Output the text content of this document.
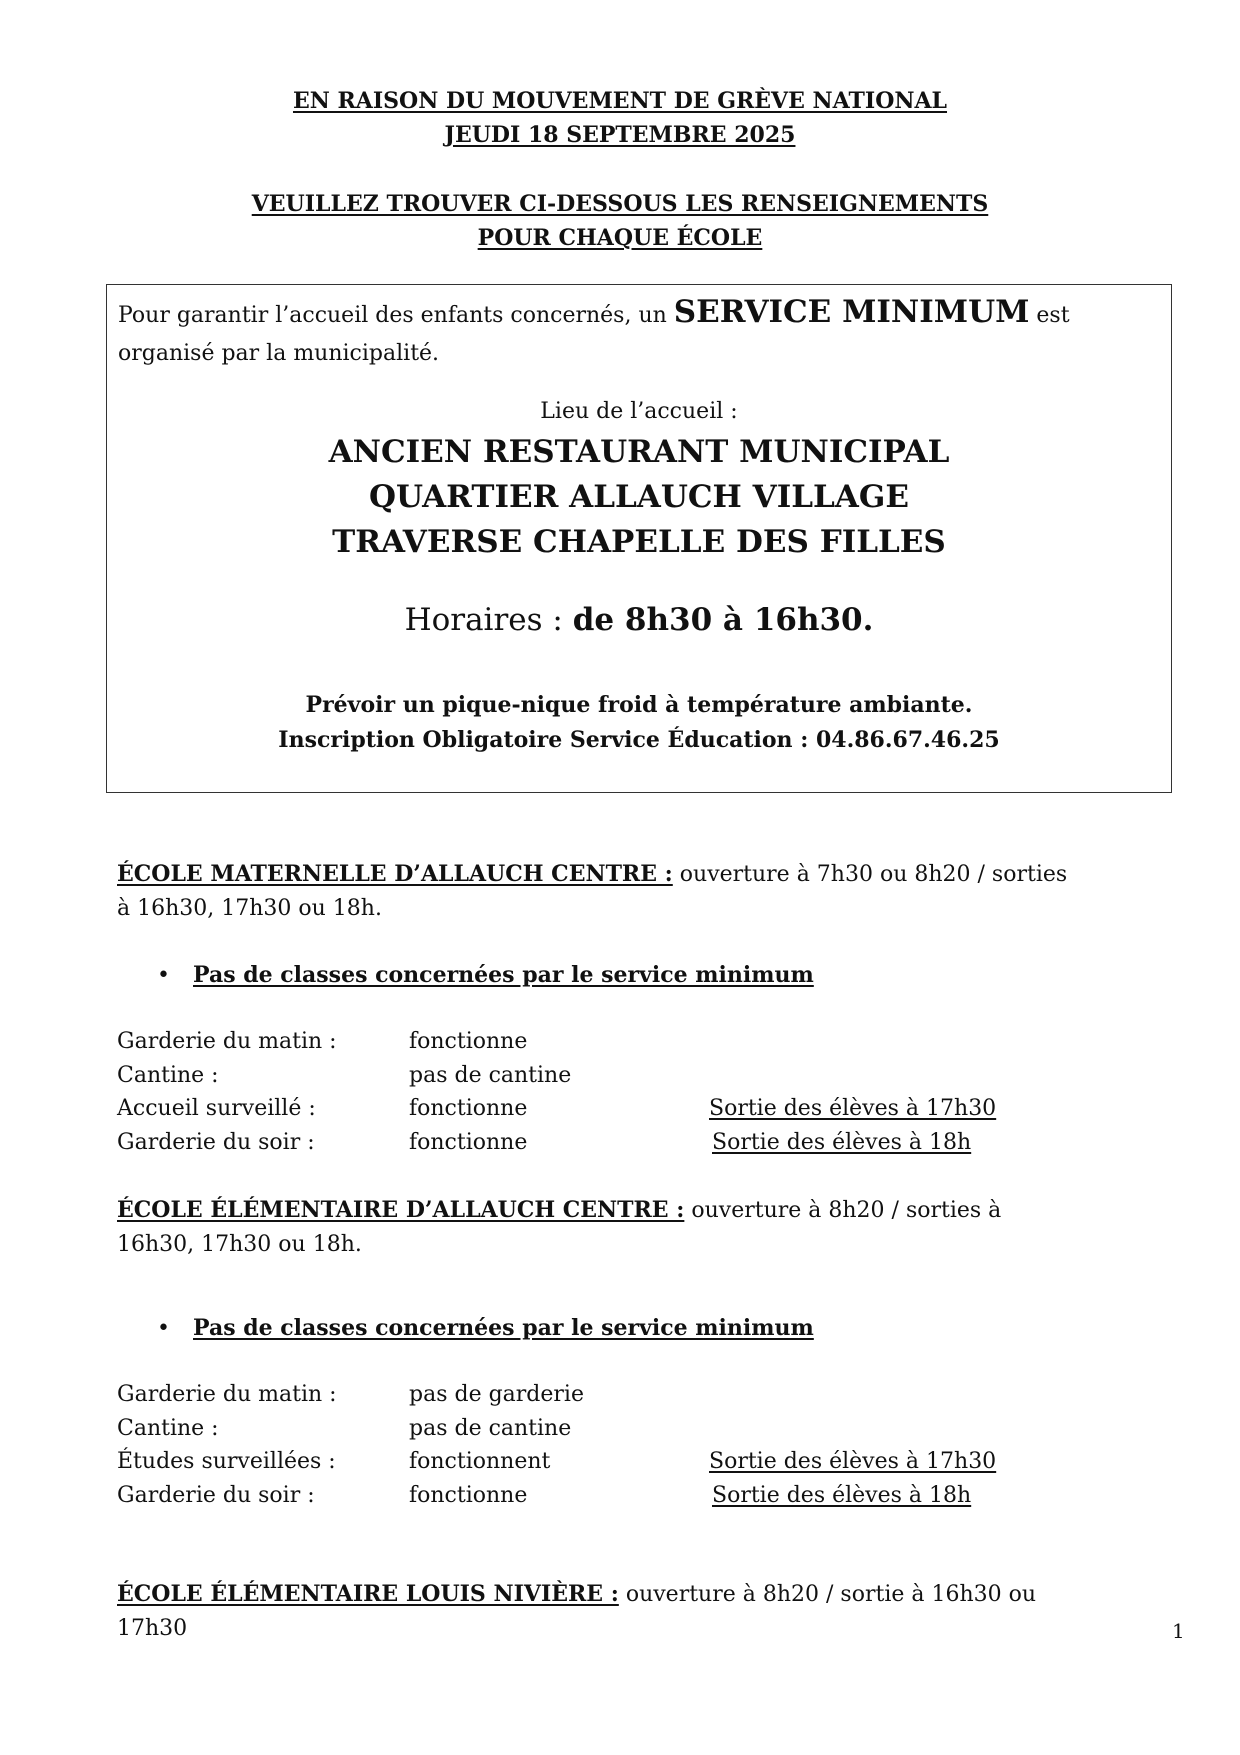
EN RAISON DU MOUVEMENT DE GRÈVE NATIONAL
JEUDI 18 SEPTEMBRE 2025
VEUILLEZ TROUVER CI-DESSOUS LES RENSEIGNEMENTS
POUR CHAQUE ÉCOLE
Pour garantir l’accueil des enfants concernés, un SERVICE MINIMUM est organisé par la municipalité.
Lieu de l’accueil :
ANCIEN RESTAURANT MUNICIPAL
QUARTIER ALLAUCH VILLAGE
TRAVERSE CHAPELLE DES FILLES
Horaires : de 8h30 à 16h30.
Prévoir un pique-nique froid à température ambiante.
Inscription Obligatoire Service Éducation : 04.86.67.46.25
ÉCOLE MATERNELLE D’ALLAUCH CENTRE : ouverture à 7h30 ou 8h20 / sorties à 16h30, 17h30 ou 18h.
• Pas de classes concernées par le service minimum
Garderie du matin :	fonctionne
Cantine :	pas de cantine
Accueil surveillé :	fonctionne	Sortie des élèves à 17h30
Garderie du soir :	fonctionne	Sortie des élèves à 18h
ÉCOLE ÉLÉMENTAIRE D’ALLAUCH CENTRE : ouverture à 8h20 / sorties à 16h30, 17h30 ou 18h.
• Pas de classes concernées par le service minimum
Garderie du matin :	pas de garderie
Cantine :	pas de cantine
Études surveillées :	fonctionnent	Sortie des élèves à 17h30
Garderie du soir :	fonctionne	Sortie des élèves à 18h
ÉCOLE ÉLÉMENTAIRE LOUIS NIVIÈRE : ouverture à 8h20 / sortie à 16h30 ou 17h30	1
